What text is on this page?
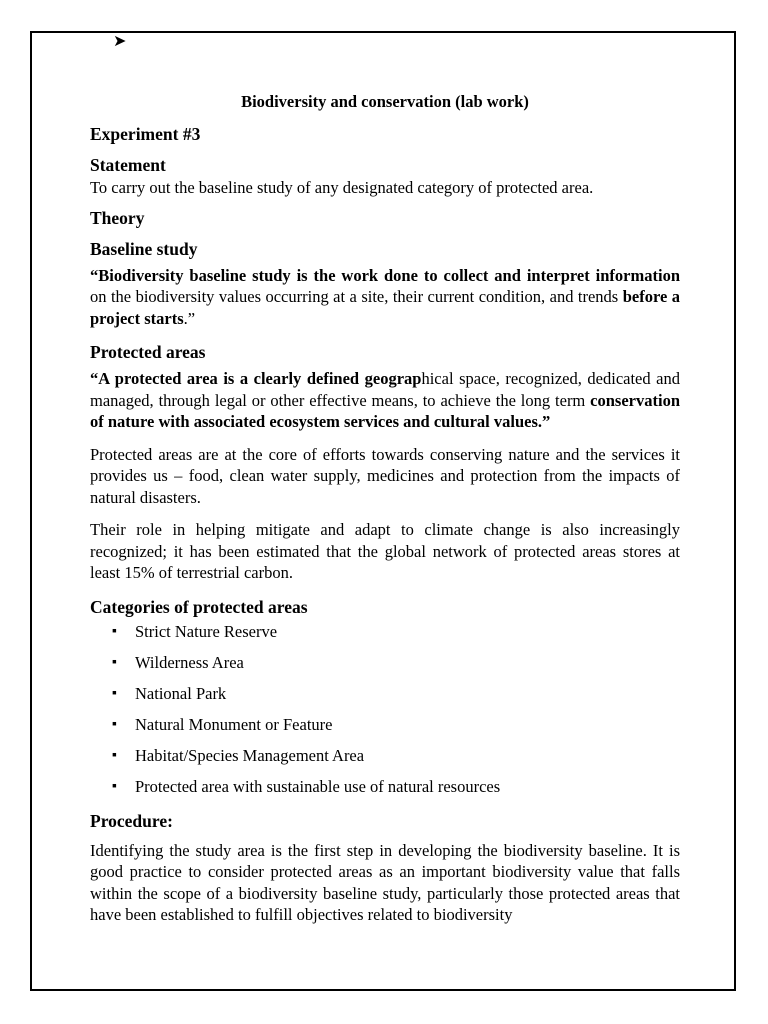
➤
Biodiversity and conservation (lab work)
Experiment #3
Statement

To carry out the baseline study of any designated category of protected area.

Theory
Baseline study

“Biodiversity baseline study is the work done to collect and interpret information on the biodiversity values occurring at a site, their current condition, and trends before a project starts.”

Protected areas

“A protected area is a clearly defined geographical space, recognized, dedicated and managed, through legal or other effective means, to achieve the long term conservation of nature with associated ecosystem services and cultural values.”

Protected areas are at the core of efforts towards conserving nature and the services it provides us – food, clean water supply, medicines and protection from the impacts of natural disasters.

Their role in helping mitigate and adapt to climate change is also increasingly recognized; it has been estimated that the global network of protected areas stores at least 15% of terrestrial carbon.

Categories of protected areas
▪ Strict Nature Reserve
▪ Wilderness Area
▪ National Park
▪ Natural Monument or Feature
▪ Habitat/Species Management Area
▪ Protected area with sustainable use of natural resources
Procedure:

Identifying the study area is the first step in developing the biodiversity baseline. It is good practice to consider protected areas as an important biodiversity value that falls within the scope of a biodiversity baseline study, particularly those protected areas that have been established to fulfill objectives related to biodiversity
